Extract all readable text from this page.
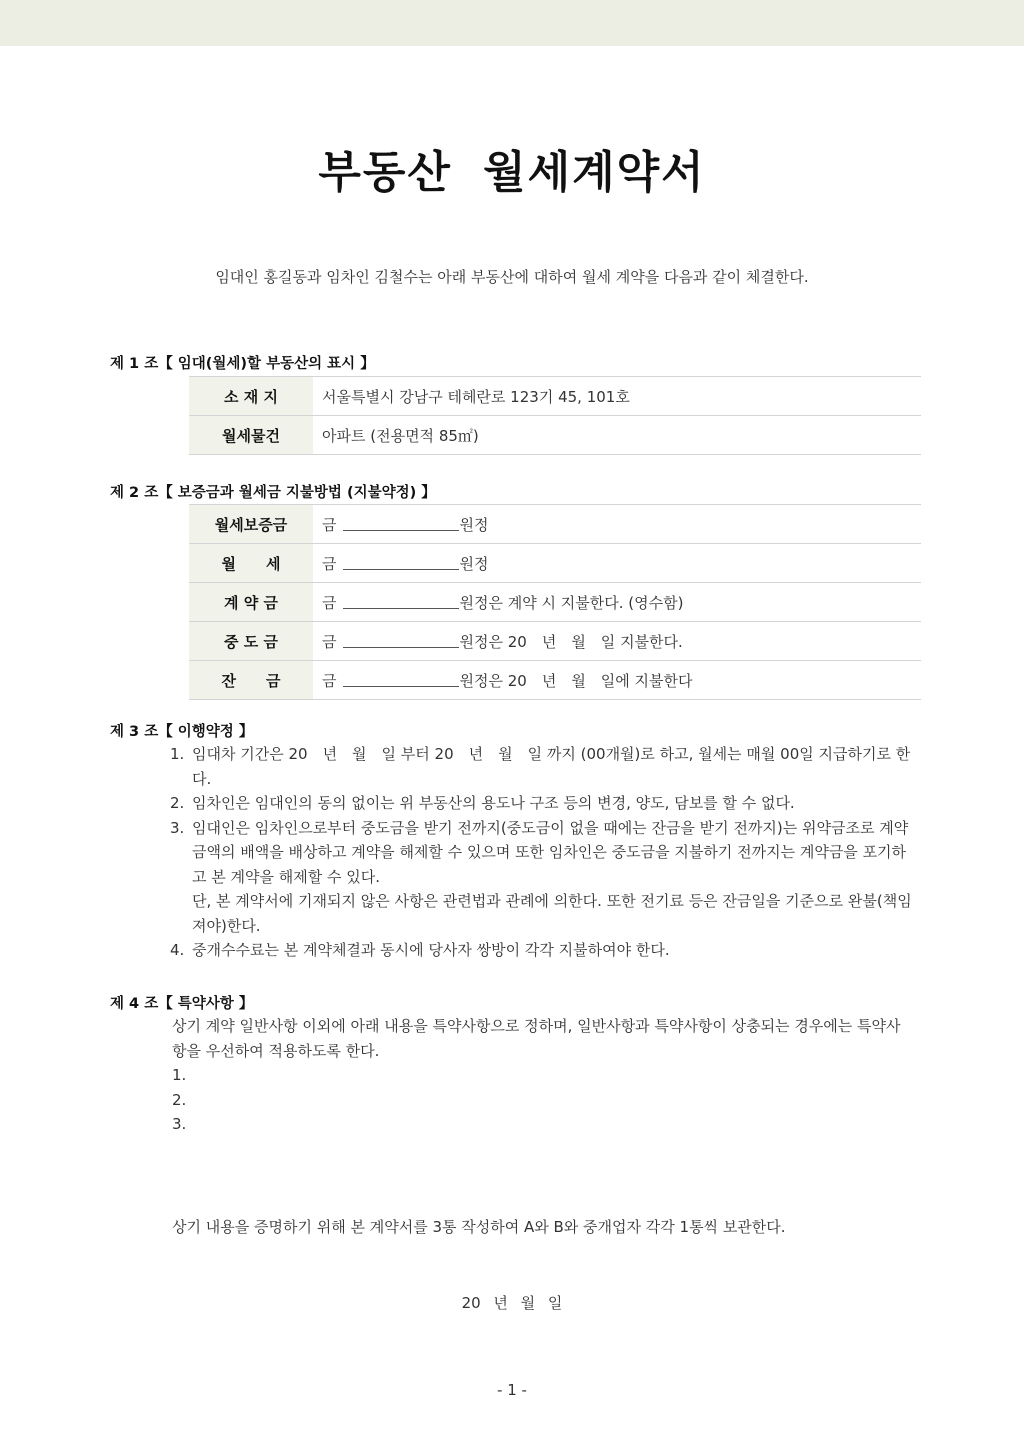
부동산 월세계약서
임대인 홍길동과 임차인 김철수는 아래 부동산에 대하여 월세 계약을 다음과 같이 체결한다.
제 1 조【 임대(월세)할 부동산의 표시 】
소 재 지	서울특별시 강남구 테헤란로 123기 45, 101호
월세물건	아파트 (전용면적 85㎡)
제 2 조【 보증금과 월세금 지불방법 (지불약정) 】
월세보증금	금 원정
월　　세	금 원정
계 약 금	금 원정은 계약 시 지불한다. (영수함)
중 도 금	금 원정은 20　년　월　일 지불한다.
잔　　금	금 원정은 20　년　월　일에 지불한다
제 3 조【 이행약정 】
1. 임대차 기간은 20　년　월　일 부터 20　년　월　일 까지 (00개월)로 하고, 월세는 매월 00일 지급하기로 한다.
2. 임차인은 임대인의 동의 없이는 위 부동산의 용도나 구조 등의 변경, 양도, 담보를 할 수 없다.
3. 임대인은 임차인으로부터 중도금을 받기 전까지(중도금이 없을 때에는 잔금을 받기 전까지)는 위약금조로 계약금액의 배액을 배상하고 계약을 해제할 수 있으며 또한 임차인은 중도금을 지불하기 전까지는 계약금을 포기하고 본 계약을 해제할 수 있다.
단, 본 계약서에 기재되지 않은 사항은 관련법과 관례에 의한다. 또한 전기료 등은 잔금일을 기준으로 완불(책임져야)한다.
4. 중개수수료는 본 계약체결과 동시에 당사자 쌍방이 각각 지불하여야 한다.
제 4 조【 특약사항 】
상기 계약 일반사항 이외에 아래 내용을 특약사항으로 정하며, 일반사항과 특약사항이 상충되는 경우에는 특약사항을 우선하여 적용하도록 한다.
1.
2.
3.
상기 내용을 증명하기 위해 본 계약서를 3통 작성하여 A와 B와 중개업자 각각 1통씩 보관한다.
20 년 월 일
- 1 -
